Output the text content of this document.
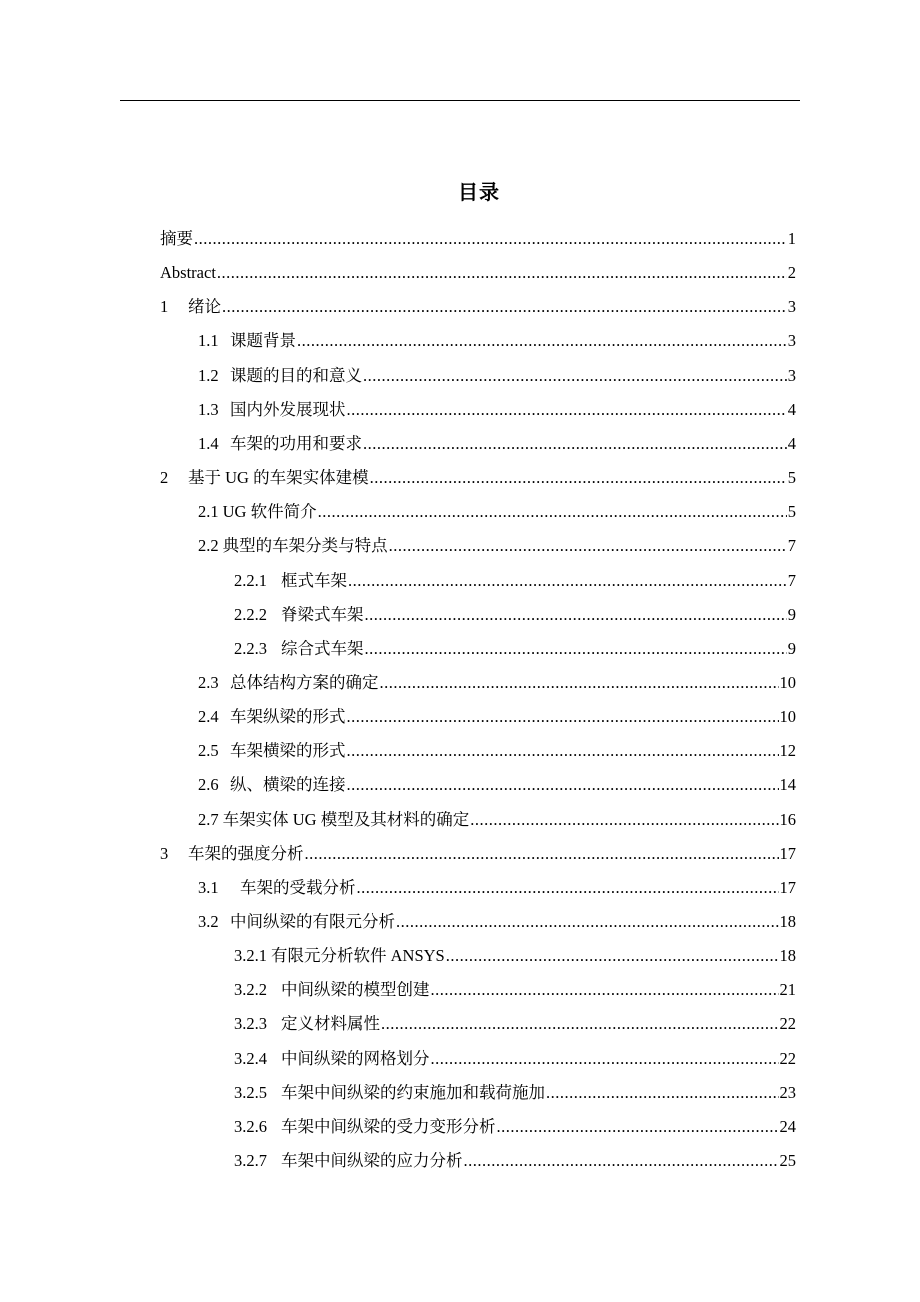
目录
摘要 .....	1
Abstract .....	2
1	绪论 .....	3
1.1 课题背景 .....	3
1.2 课题的目的和意义 .....	3
1.3 国内外发展现状 .....	4
1.4 车架的功用和要求 .....	4
2	基于 UG 的车架实体建模 .....	5
2.1 UG 软件简介 .....	5
2.2 典型的车架分类与特点 .....	7
2.2.1 框式车架 .....	7
2.2.2 脊梁式车架 .....	9
2.2.3 综合式车架 .....	9
2.3 总体结构方案的确定 .....	10
2.4 车架纵梁的形式 .....	10
2.5 车架横梁的形式 .....	12
2.6 纵、横梁的连接 .....	14
2.7 车架实体 UG 模型及其材料的确定 .....	16
3	车架的强度分析 .....	17
3.1	车架的受载分析 .....	17
3.2 中间纵梁的有限元分析 .....	18
3.2.1 有限元分析软件 ANSYS .....	18
3.2.2 中间纵梁的模型创建 .....	21
3.2.3 定义材料属性 .....	22
3.2.4 中间纵梁的网格划分 .....	22
3.2.5 车架中间纵梁的约束施加和载荷施加 .....	23
3.2.6 车架中间纵梁的受力变形分析 .....	24
3.2.7 车架中间纵梁的应力分析 .....	25
